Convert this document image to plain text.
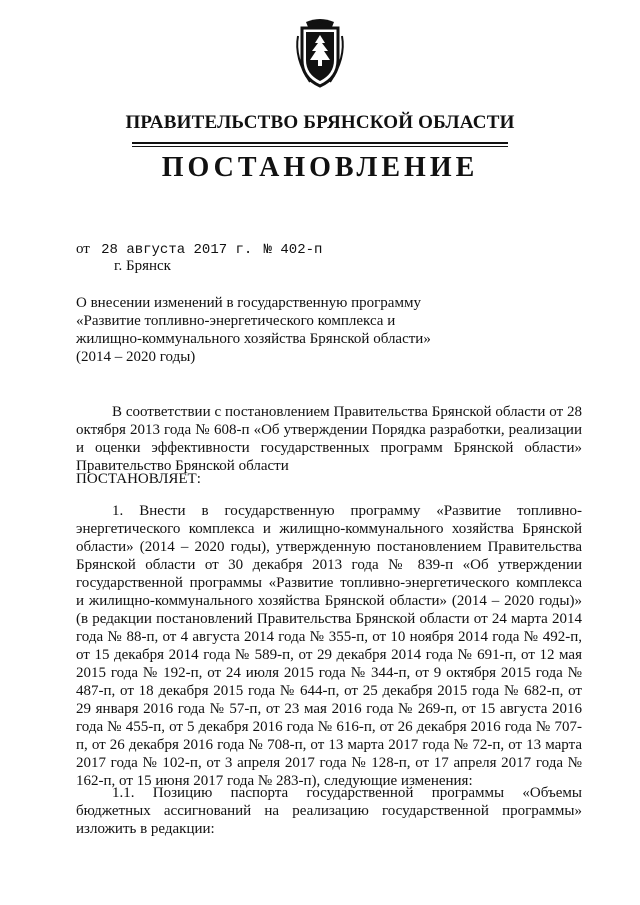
ПРАВИТЕЛЬСТВО БРЯНСКОЙ ОБЛАСТИ
ПОСТАНОВЛЕНИЕ
от 28 августа 2017 г. № 402-п
г. Брянск
О внесении изменений в государственную программу «Развитие топливно-энергетического комплекса и жилищно-коммунального хозяйства Брянской области» (2014 – 2020 годы)
В соответствии с постановлением Правительства Брянской области от 28 октября 2013 года № 608-п «Об утверждении Порядка разработки, реализации и оценки эффективности государственных программ Брянской области» Правительство Брянской области
ПОСТАНОВЛЯЕТ:
1. Внести в государственную программу «Развитие топливно-энергетического комплекса и жилищно-коммунального хозяйства Брянской области» (2014 – 2020 годы), утвержденную постановлением Правительства Брянской области от 30 декабря 2013 года № 839-п «Об утверждении государственной программы «Развитие топливно-энергетического комплекса и жилищно-коммунального хозяйства Брянской области» (2014 – 2020 годы)» (в редакции постановлений Правительства Брянской области от 24 марта 2014 года № 88-п, от 4 августа 2014 года № 355-п, от 10 ноября 2014 года № 492-п, от 15 декабря 2014 года № 589-п, от 29 декабря 2014 года № 691-п, от 12 мая 2015 года № 192-п, от 24 июля 2015 года № 344-п, от 9 октября 2015 года № 487-п, от 18 декабря 2015 года № 644-п, от 25 декабря 2015 года № 682-п, от 29 января 2016 года № 57-п, от 23 мая 2016 года № 269-п, от 15 августа 2016 года № 455-п, от 5 декабря 2016 года № 616-п, от 26 декабря 2016 года № 707-п, от 26 декабря 2016 года № 708-п, от 13 марта 2017 года № 72-п, от 13 марта 2017 года № 102-п, от 3 апреля 2017 года № 128-п, от 17 апреля 2017 года № 162-п, от 15 июня 2017 года № 283-п), следующие изменения:
1.1. Позицию паспорта государственной программы «Объемы бюджетных ассигнований на реализацию государственной программы» изложить в редакции:
